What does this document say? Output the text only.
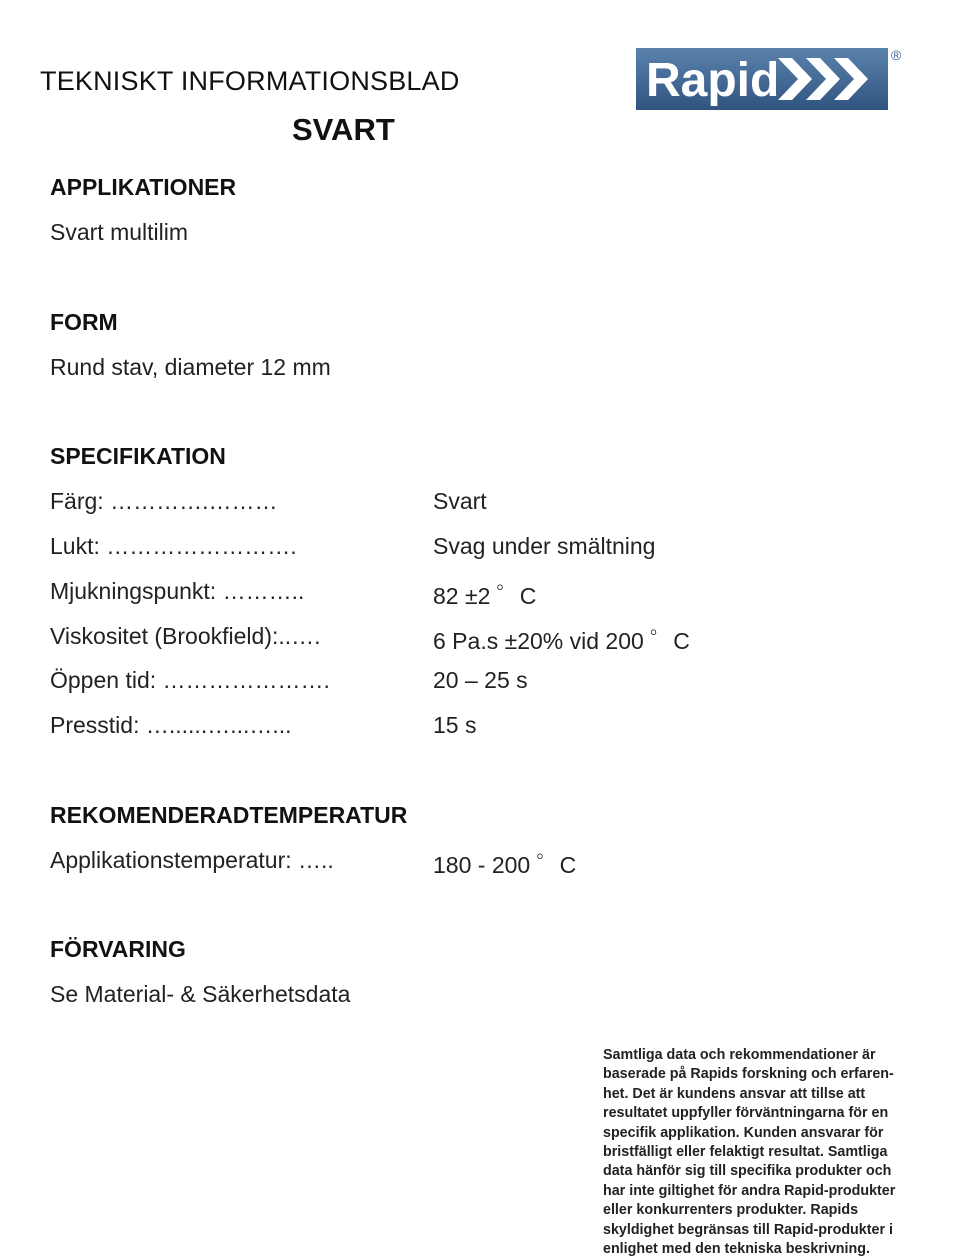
TEKNISKT INFORMATIONSBLAD
SVART
Rapid	®
APPLIKATIONER
Svart multilim
FORM
Rund stav, diameter 12 mm
SPECIFIKATION
Färg: ………….………	Svart
Lukt: …………………….	Svag under smältning
Mjukningspunkt: ………..	82 ±2 ゜C
Viskositet (Brookfield):..….	6 Pa.s ±20% vid 200 ゜C
Öppen tid: ………………….	20 – 25 s
Presstid: …......…...…...	15 s
REKOMENDERADTEMPERATUR
Applikationstemperatur: …..	180 - 200 ゜C
FÖRVARING
Se Material- & Säkerhetsdata

Samtliga data och rekommendationer är baserade på Rapids forskning och erfaren-het. Det är kundens ansvar att tillse att resultatet uppfyller förväntningarna för en specifik applikation. Kunden ansvarar för bristfälligt eller felaktigt resultat. Samtliga data hänför sig till specifika produkter och har inte giltighet för andra Rapid-produkter eller konkurrenters produkter. Rapids skyldighet begränsas till Rapid-produkter i enlighet med den tekniska beskrivning.
